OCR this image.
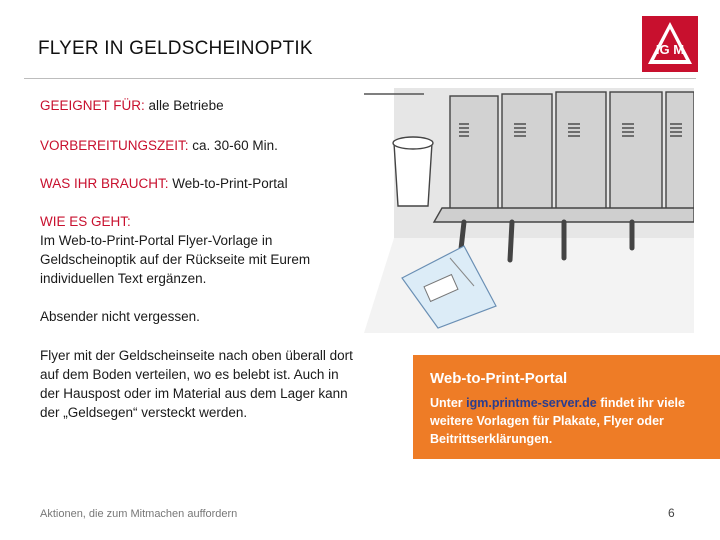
FLYER IN GELDSCHEINOPTIK	IG M
GEEIGNET FÜR: alle Betriebe
VORBEREITUNGSZEIT: ca. 30-60 Min.
WAS IHR BRAUCHT: Web-to-Print-Portal
WIE ES GEHT:
Im Web-to-Print-Portal Flyer-Vorlage in Geldscheinoptik auf der Rückseite mit Eurem individuellen Text ergänzen.
Absender nicht vergessen.
Flyer mit der Geldscheinseite nach oben überall dort auf dem Boden verteilen, wo es belebt ist. Auch in der Hauspost oder im Material aus dem Lager kann der „Geldsegen“ versteckt werden.
Web-to-Print-Portal
Unter igm.printme-server.de findet ihr viele weitere Vorlagen für Plakate, Flyer oder Beitrittserklärungen.
Aktionen, die zum Mitmachen auffordern	6
